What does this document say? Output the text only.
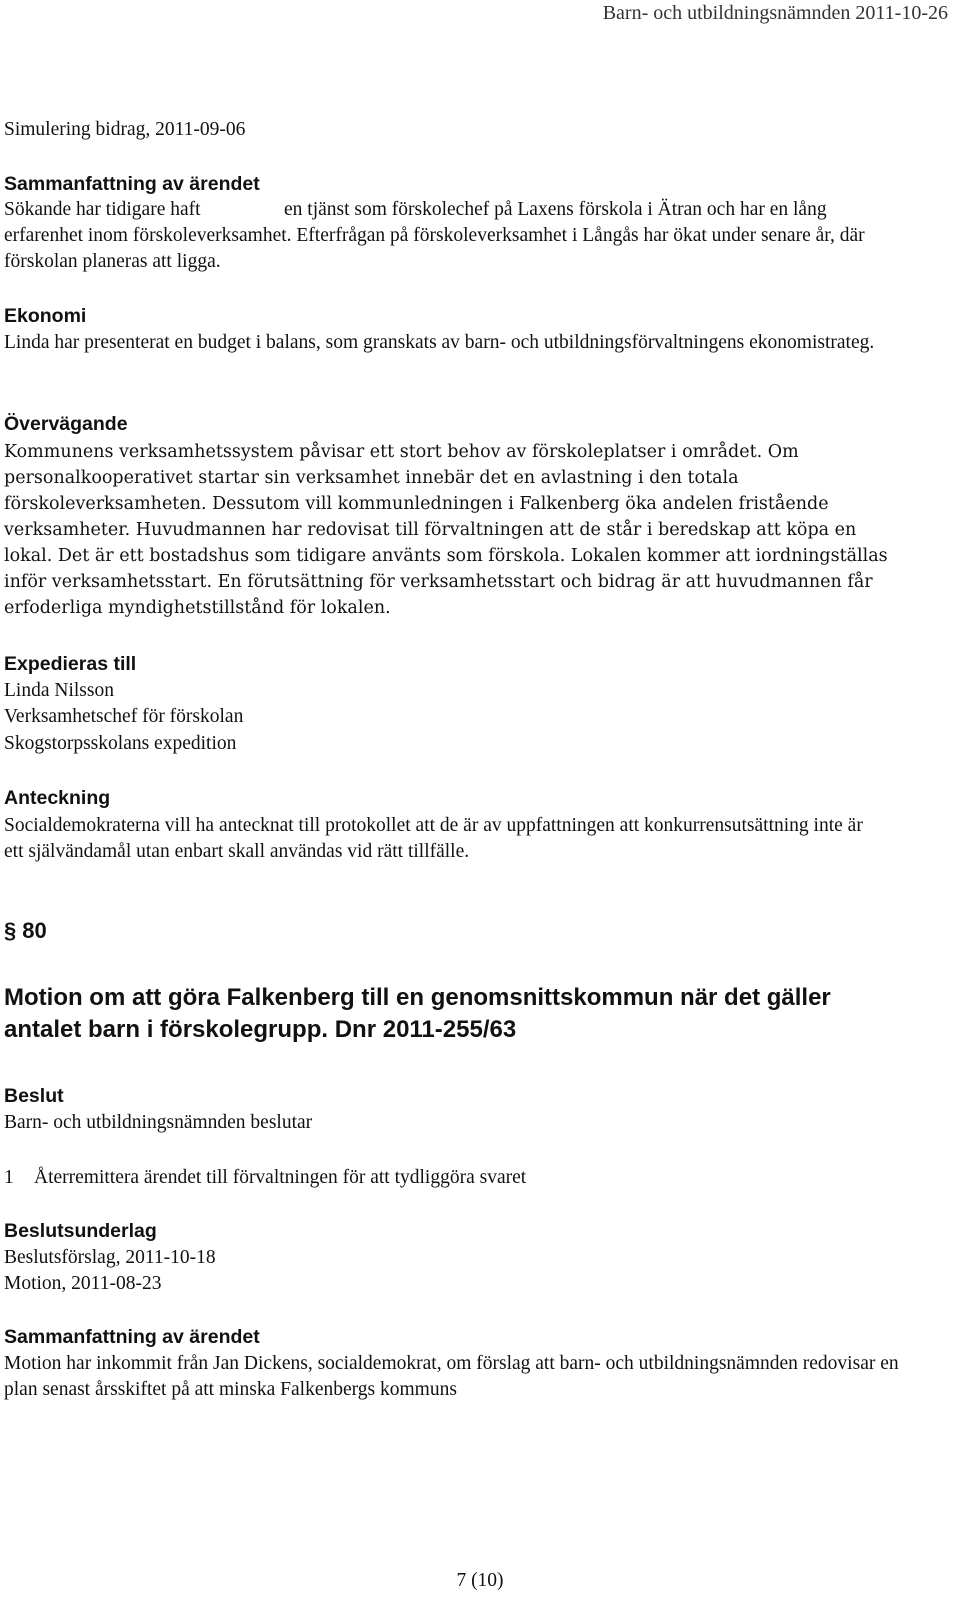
Barn- och utbildningsnämnden 2011-10-26

Simulering bidrag, 2011-09-06

Sammanfattning av ärendet

Sökande har tidigare haft	en tjänst som förskolechef på Laxens förskola i Ätran och har en lång

erfarenhet inom förskoleverksamhet. Efterfrågan på förskoleverksamhet i Långås har ökat under senare år, där förskolan planeras att ligga.

Ekonomi

Linda har presenterat en budget i balans, som granskats av barn- och utbildningsförvaltningens ekonomistrateg.

Övervägande

Kommunens verksamhetssystem påvisar ett stort behov av förskoleplatser i området. Om personalkooperativet startar sin verksamhet innebär det en avlastning i den totala förskoleverksamheten. Dessutom vill kommunledningen i Falkenberg öka andelen fristående verksamheter. Huvudmannen har redovisat till förvaltningen att de står i beredskap att köpa en lokal. Det är ett bostadshus som tidigare använts som förskola. Lokalen kommer att iordningställas inför verksamhetsstart. En förutsättning för verksamhetsstart och bidrag är att huvudmannen får erfoderliga myndighetstillstånd för lokalen.

Expedieras till

Linda Nilsson

Verksamhetschef för förskolan

Skogstorpsskolans expedition

Anteckning

Socialdemokraterna vill ha antecknat till protokollet att de är av uppfattningen att konkurrensutsättning inte är ett självändamål utan enbart skall användas vid rätt tillfälle.

§ 80

Motion om att göra Falkenberg till en genomsnittskommun när det gäller antalet barn i förskolegrupp. Dnr 2011-255/63

Beslut

Barn- och utbildningsnämnden beslutar

1 Återremittera ärendet till förvaltningen för att tydliggöra svaret

Beslutsunderlag

Beslutsförslag, 2011-10-18

Motion, 2011-08-23

Sammanfattning av ärendet

Motion har inkommit från Jan Dickens, socialdemokrat, om förslag att barn- och utbildningsnämnden redovisar en plan senast årsskiftet på att minska Falkenbergs kommuns

7 (10)
